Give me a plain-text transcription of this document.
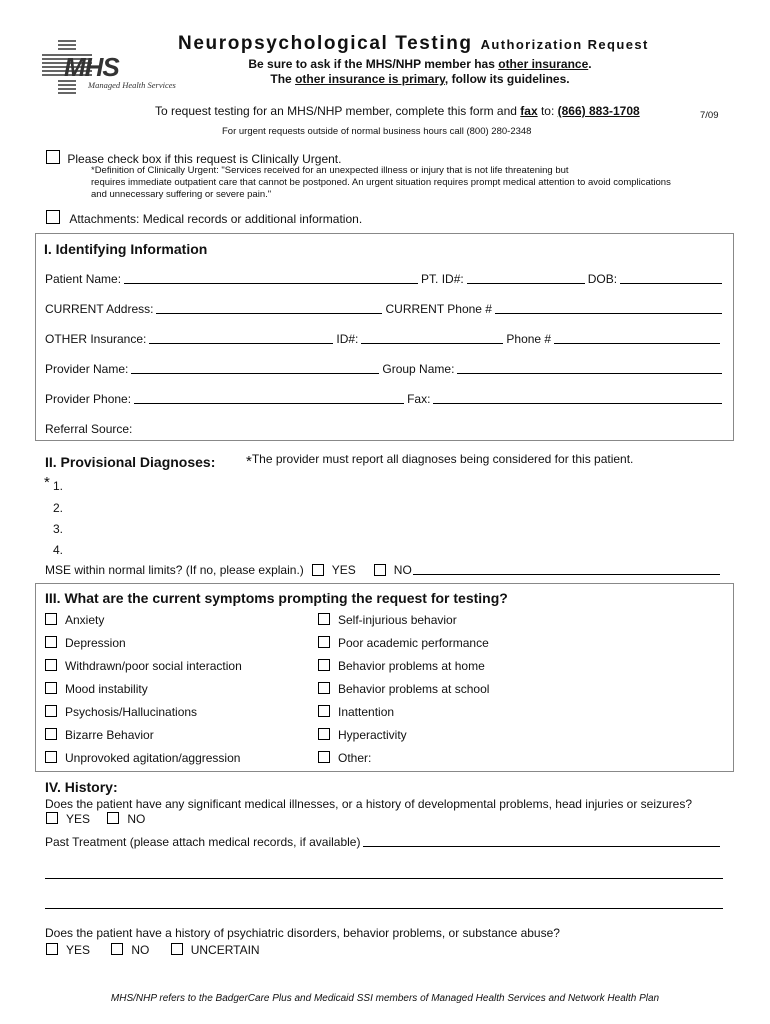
MHS
Managed Health Services
Neuropsychological Testing Authorization Request
Be sure to ask if the MHS/NHP member has other insurance.
The other insurance is primary, follow its guidelines.
To request testing for an MHS/NHP member, complete this form and fax to: (866) 883-1708	7/09
For urgent requests outside of normal business hours call (800) 280-2348
Please check box if this request is Clinically Urgent.
*Definition of Clinically Urgent: "Services received for an unexpected illness or injury that is not life threatening but
requires immediate outpatient care that cannot be postponed. An urgent situation requires prompt medical attention to avoid complications
and unnecessary suffering or severe pain."
Attachments: Medical records or additional information.
I. Identifying Information
Patient Name:	PT. ID#:	DOB:
CURRENT Address:	CURRENT Phone #
OTHER Insurance:	ID#:	Phone #
Provider Name:	Group Name:
Provider Phone:	Fax:
Referral Source:
II. Provisional Diagnoses: *The provider must report all diagnoses being considered for this patient.
* 1.
2.
3.
4.
MSE within normal limits? (If no, please explain.) YES	NO
III. What are the current symptoms prompting the request for testing?
Anxiety
Depression
Withdrawn/poor social interaction
Mood instability
Psychosis/Hallucinations
Bizarre Behavior
Unprovoked agitation/aggression
Self-injurious behavior
Poor academic performance
Behavior problems at home
Behavior problems at school
Inattention
Hyperactivity
Other:
IV. History:
Does the patient have any significant medical illnesses, or a history of developmental problems, head injuries or seizures?
YES	NO
Past Treatment (please attach medical records, if available)
Does the patient have a history of psychiatric disorders, behavior problems, or substance abuse?
YES	NO	UNCERTAIN
MHS/NHP refers to the BadgerCare Plus and Medicaid SSI members of Managed Health Services and Network Health Plan
